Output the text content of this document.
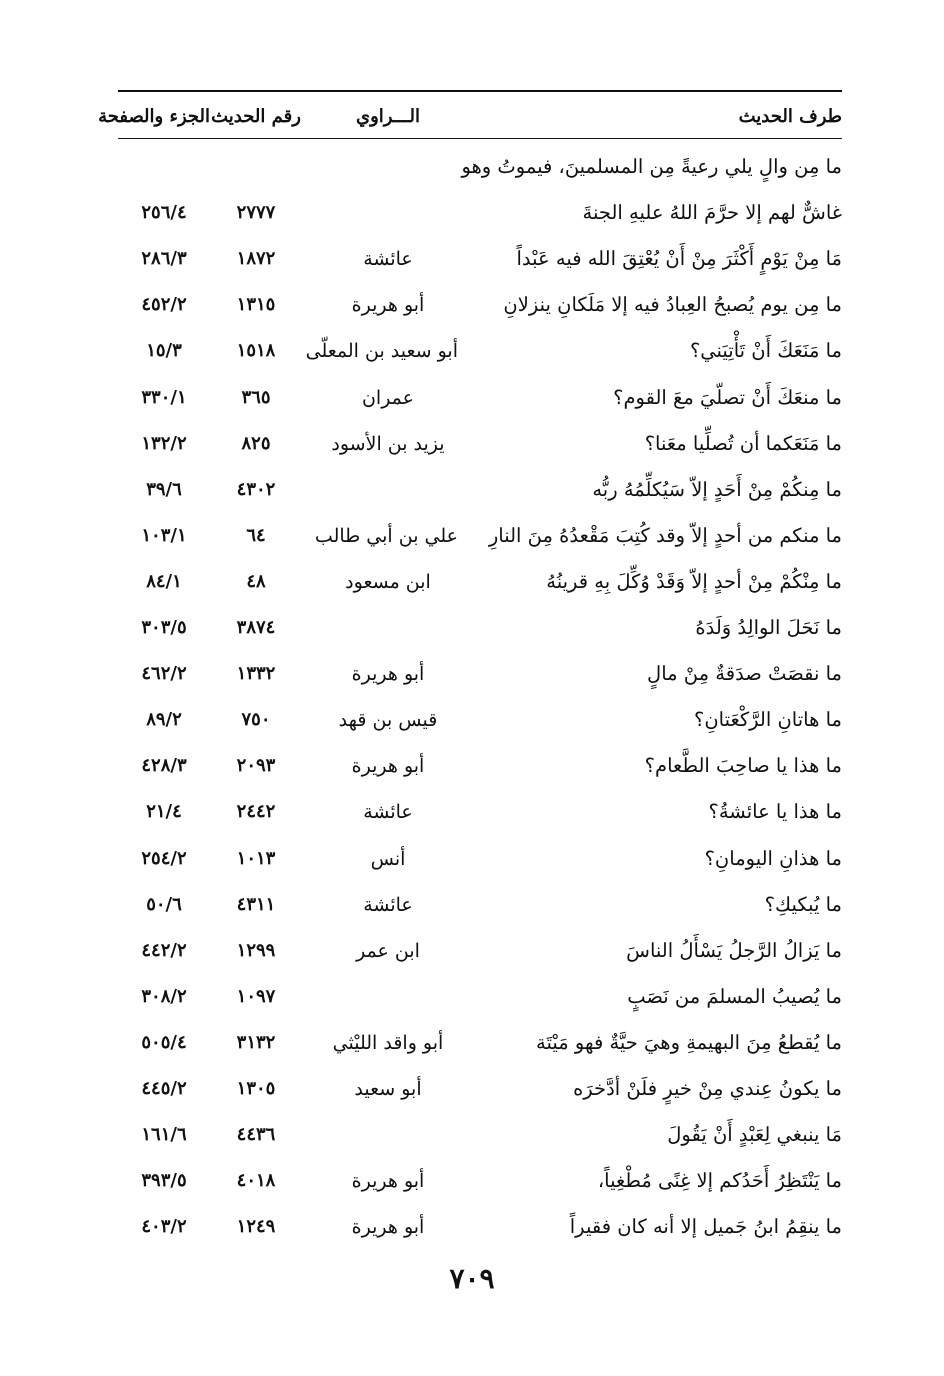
طرف الحديث
الـــراوي
رقم الحديث
الجزء والصفحة
ما مِن والٍ يلي رعيةً مِن المسلمينَ، فيموتُ وهو
غاشٌّ لهم إلا حرَّمَ اللهُ عليهِ الجنةَ
٢٧٧٧
٢٥٦/٤
مَا مِنْ يَوْمٍ أَكْثَرَ مِنْ أَنْ يُعْتِقَ الله فيه عَبْداً
عائشة
١٨٧٢
٢٨٦/٣
ما مِن يوم يُصبحُ العِبادُ فيه إلا مَلَكانِ ينزلانِ
أبو هريرة
١٣١٥
٤٥٢/٢
ما مَنَعَكَ أَنْ تَأْتِيَني؟
أبو سعيد بن المعلّى
١٥١٨
١٥/٣
ما منعَكَ أَنْ تصلّيَ معَ القوم؟
عمران
٣٦٥
٣٣٠/١
ما مَنَعَكما أن تُصلِّيا معَنا؟
يزيد بن الأسود
٨٢٥
١٣٢/٢
ما مِنكُمْ مِنْ أَحَدٍ إلاّ سَيُكلِّمُهُ ربُّه
٤٣٠٢
٣٩/٦
ما منكم من أحدٍ إلاّ وقد كُتِبَ مَقْعدُهُ مِنَ النارِ
علي بن أبي طالب
٦٤
١٠٣/١
ما مِنْكُمْ مِنْ أحدٍ إلاّ وَقَدْ وُكِّلَ بِهِ قرينُهُ
ابن مسعود
٤٨
٨٤/١
ما نَحَلَ الوالِدُ وَلَدَهُ
٣٨٧٤
٣٠٣/٥
ما نقصَتْ صدَقةٌ مِنْ مالٍ
أبو هريرة
١٣٣٢
٤٦٢/٢
ما هاتانِ الرَّكْعَتانِ؟
قيس بن قهد
٧٥٠
٨٩/٢
ما هذا يا صاحِبَ الطَّعام؟
أبو هريرة
٢٠٩٣
٤٢٨/٣
ما هذا يا عائشةُ؟
عائشة
٢٤٤٢
٢١/٤
ما هذانِ اليومانِ؟
أنس
١٠١٣
٢٥٤/٢
ما يُبكيكِ؟
عائشة
٤٣١١
٥٠/٦
ما يَزالُ الرَّجلُ يَسْأَلُ الناسَ
ابن عمر
١٢٩٩
٤٤٢/٢
ما يُصيبُ المسلمَ من نَصَبٍ
١٠٩٧
٣٠٨/٢
ما يُقطعُ مِنَ البهيمةِ وهيَ حيَّةٌ فهو مَيْتَة
أبو واقد الليْثي
٣١٣٢
٥٠٥/٤
ما يكونُ عِندي مِنْ خيرٍ فلَنْ أدَّخرَه
أبو سعيد
١٣٠٥
٤٤٥/٢
مَا ينبغي لِعَبْدٍ أَنْ يَقُولَ
٤٤٣٦
١٦١/٦
ما يَنْتَظِرُ أَحَدُكم إلا غِنًى مُطْغِياً،
أبو هريرة
٤٠١٨
٣٩٣/٥
ما ينقِمُ ابنُ جَميل إلا أنه كان فقيراً
أبو هريرة
١٢٤٩
٤٠٣/٢
٧٠٩
